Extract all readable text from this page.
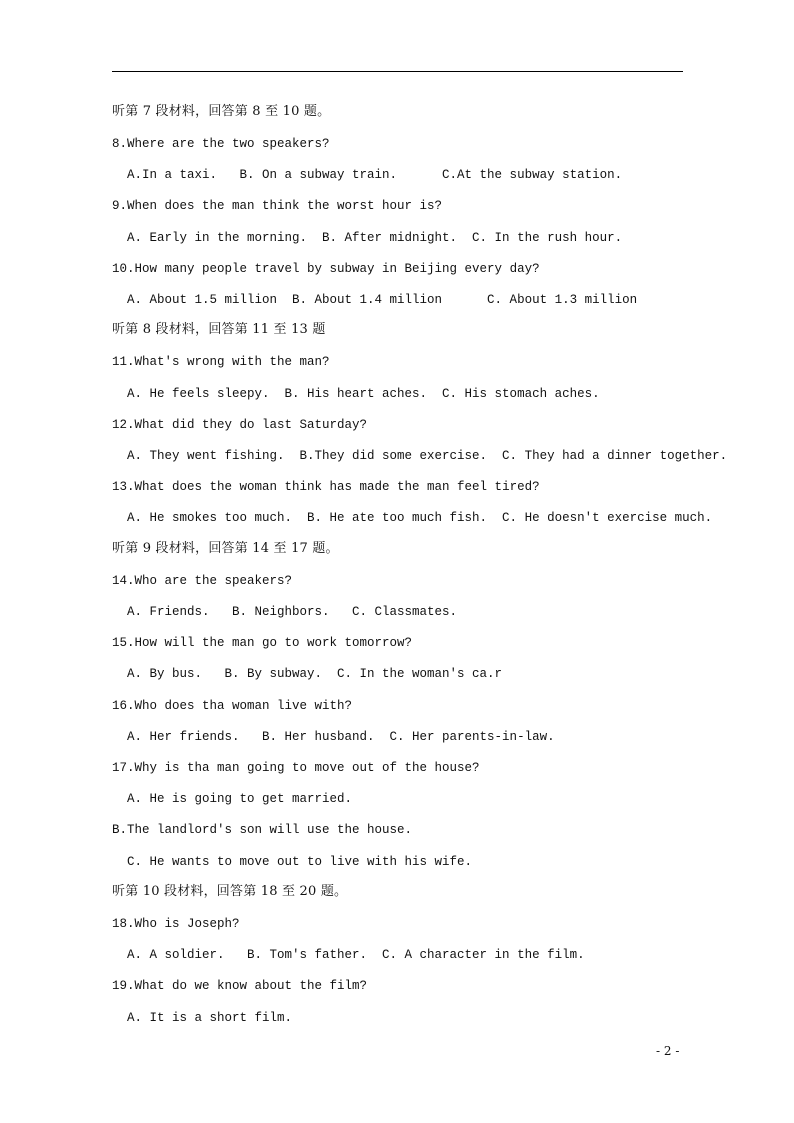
听第 7 段材料，回答第 8 至 10 题。
8.Where are the two speakers?
A.In a taxi.   B. On a subway train.      C.At the subway station.
9.When does the man think the worst hour is?
A. Early in the morning.  B. After midnight.  C. In the rush hour.
10.How many people travel by subway in Beijing every day?
A. About 1.5 million  B. About 1.4 million      C. About 1.3 million
听第 8 段材料，回答第 11 至 13 题
11.What's wrong with the man?
A. He feels sleepy.  B. His heart aches.  C. His stomach aches.
12.What did they do last Saturday?
A. They went fishing.  B.They did some exercise.  C. They had a dinner together.
13.What does the woman think has made the man feel tired?
A. He smokes too much.  B. He ate too much fish.  C. He doesn't exercise much.
听第 9 段材料，回答第 14 至 17 题。
14.Who are the speakers?
A. Friends.   B. Neighbors.   C. Classmates.
15.How will the man go to work tomorrow?
A. By bus.   B. By subway.  C. In the woman's ca.r
16.Who does tha woman live with?
A. Her friends.   B. Her husband.  C. Her parents-in-law.
17.Why is tha man going to move out of the house?
A. He is going to get married.
B.The landlord's son will use the house.
C. He wants to move out to live with his wife.
听第 10 段材料，回答第 18 至 20 题。
18.Who is Joseph?
A. A soldier.   B. Tom's father.  C. A character in the film.
19.What do we know about the film?
A. It is a short film.
- 2 -
